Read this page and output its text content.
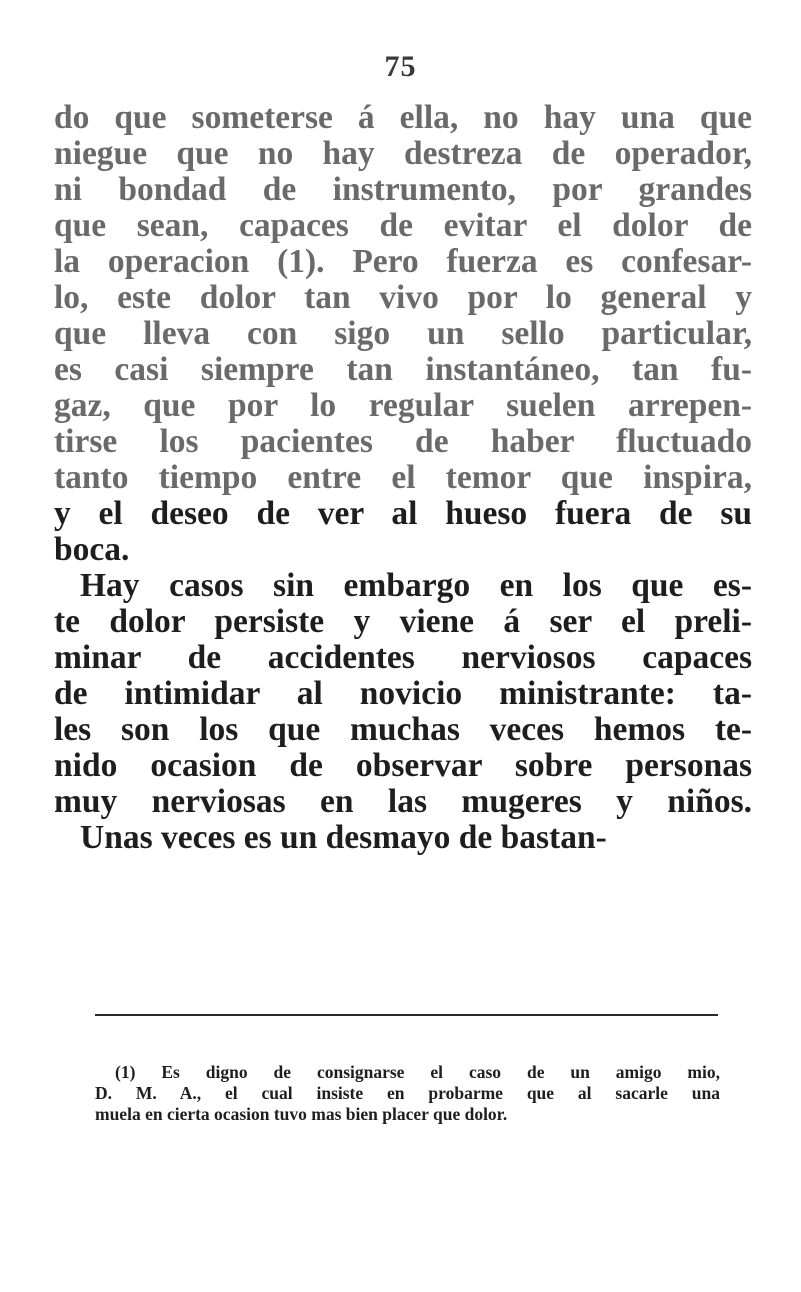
75
do que someterse á ella, no hay una que
niegue que no hay destreza de operador,
ni bondad de instrumento, por grandes
que sean, capaces de evitar el dolor de
la operacion (1). Pero fuerza es confesar-
lo, este dolor tan vivo por lo general y
que lleva con sigo un sello particular,
es casi siempre tan instantáneo, tan fu-
gaz, que por lo regular suelen arrepen-
tirse los pacientes de haber fluctuado
tanto tiempo entre el temor que inspira,
y el deseo de ver al hueso fuera de su
boca.
Hay casos sin embargo en los que es-
te dolor persiste y viene á ser el preli-
minar de accidentes nerviosos capaces
de intimidar al novicio ministrante: ta-
les son los que muchas veces hemos te-
nido ocasion de observar sobre personas
muy nerviosas en las mugeres y niños.
Unas veces es un desmayo de bastan-
(1) Es digno de consignarse el caso de un amigo mio,
D. M. A., el cual insiste en probarme que al sacarle una
muela en cierta ocasion tuvo mas bien placer que dolor.
